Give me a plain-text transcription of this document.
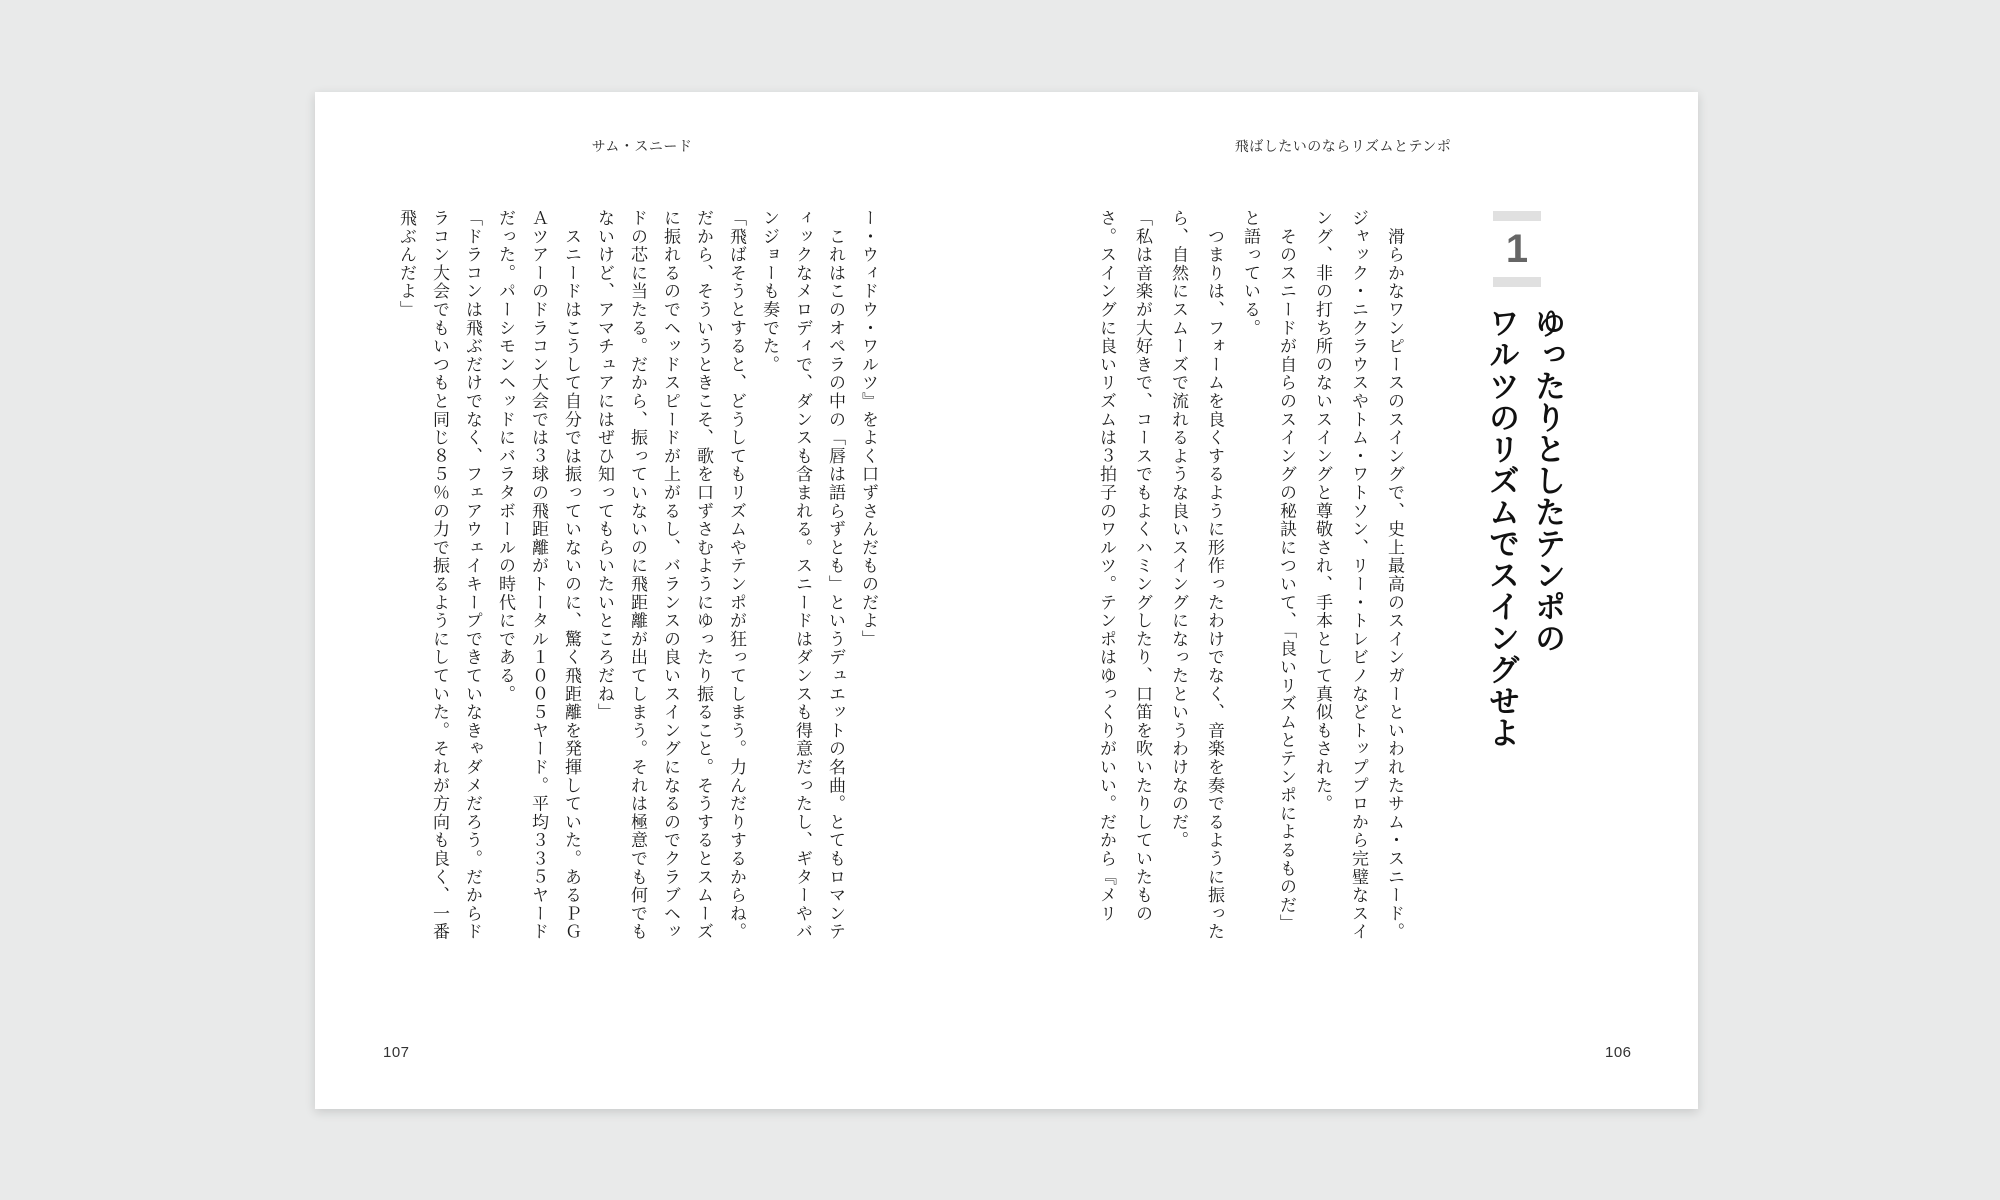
飛ばしたいのならリズムとテンポ
1
ゆったりとしたテンポの
ワルツのリズムでスイングせよ

　滑らかなワンピースのスイングで、史上最高のスインガーといわれたサム・スニード。ジャック・ニクラウスやトム・ワトソン、リー・トレビノなどトッププロから完璧なスイング、非の打ち所のないスイングと尊敬され、手本として真似もされた。

　そのスニードが自らのスイングの秘訣について、「良いリズムとテンポによるものだ」と語っている。

　つまりは、フォームを良くするように形作ったわけでなく、音楽を奏でるように振ったら、自然にスムーズで流れるような良いスイングになったというわけなのだ。

「私は音楽が大好きで、コースでもよくハミングしたり、口笛を吹いたりしていたものさ。スイングに良いリズムは３拍子のワルツ。テンポはゆっくりがいい。だから『メリ

106
サム・スニード

ー・ウィドウ・ワルツ』をよく口ずさんだものだよ」

　これはこのオペラの中の「唇は語らずとも」というデュエットの名曲。とてもロマンティックなメロディで、ダンスも含まれる。スニードはダンスも得意だったし、ギターやバンジョーも奏でた。

「飛ばそうとすると、どうしてもリズムやテンポが狂ってしまう。力んだりするからね。だから、そういうときこそ、歌を口ずさむようにゆったり振ること。そうするとスムーズに振れるのでヘッドスピードが上がるし、バランスの良いスイングになるのでクラブヘッドの芯に当たる。だから、振っていないのに飛距離が出てしまう。それは極意でも何でもないけど、アマチュアにはぜひ知ってもらいたいところだね」

　スニードはこうして自分では振っていないのに、驚く飛距離を発揮していた。あるＰＧＡツアーのドラコン大会では３球の飛距離がトータル１００５ヤード。平均３３５ヤードだった。パーシモンヘッドにバラタボールの時代にである。

「ドラコンは飛ぶだけでなく、フェアウェイキープできていなきゃダメだろう。だからドラコン大会でもいつもと同じ８５％の力で振るようにしていた。それが方向も良く、一番飛ぶんだよ」

107
